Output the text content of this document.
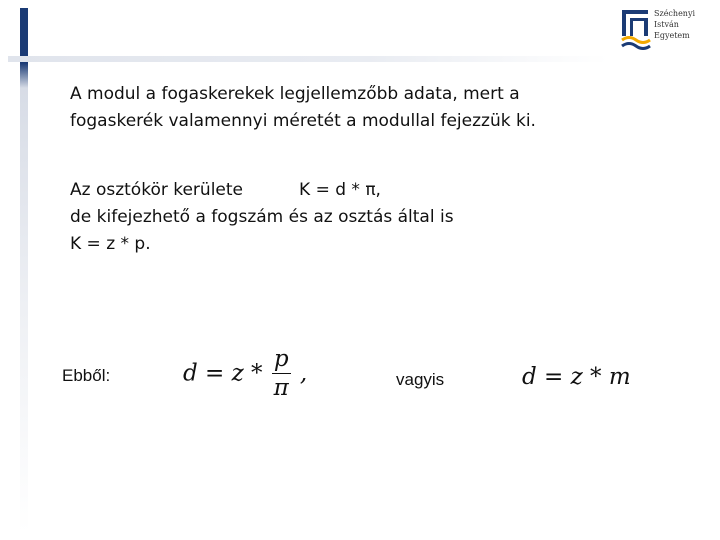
Széchenyi
István
Egyetem

A modul a fogaskerekek legjellemzőbb adata, mert a
fogaskerék valamennyi méretét a modullal fejezzük ki.

Az osztókör kerülete	K = d * π,
de kifejezhető a fogszám és az osztás által is
K = z * p.

Ebből:	$d = z * \frac{p}{\pi}$ ,	vagyis	d = z * m
